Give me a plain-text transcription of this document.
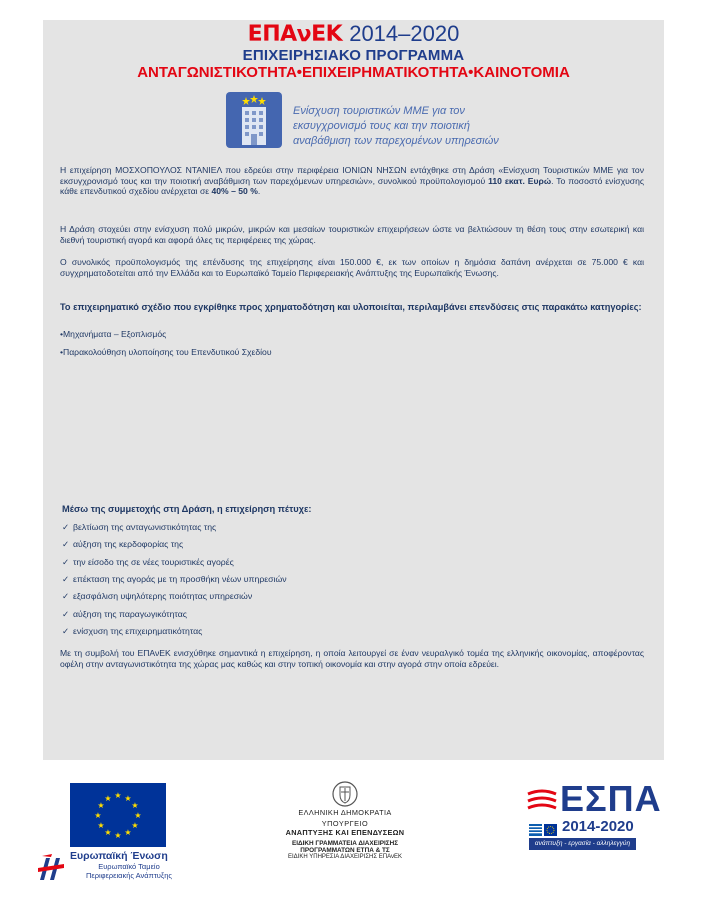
ΕΠΑνΕΚ 2014–2020
ΕΠΙΧΕΙΡΗΣΙΑΚΟ ΠΡΟΓΡΑΜΜΑ
ΑΝΤΑΓΩΝΙΣΤΙΚΟΤΗΤΑ•ΕΠΙΧΕΙΡΗΜΑΤΙΚΟΤΗΤΑ•ΚΑΙΝΟΤΟΜΙΑ
Ενίσχυση τουριστικών ΜΜΕ για τον εκσυγχρονισμό τους και την ποιοτική αναβάθμιση των παρεχομένων υπηρεσιών

Η επιχείρηση ΜΟΣΧΟΠΟΥΛΟΣ ΝΤΑΝΙΕΛ που εδρεύει στην περιφέρεια ΙΟΝΙΩΝ ΝΗΣΩΝ εντάχθηκε στη Δράση «Ενίσχυση Τουριστικών ΜΜΕ για τον εκσυγχρονισμό τους και την ποιοτική αναβάθμιση των παρεχόμενων υπηρεσιών», συνολικού προϋπολογισμού 110 εκατ. Ευρώ. Το ποσοστό ενίσχυσης κάθε επενδυτικού σχεδίου ανέρχεται σε 40% – 50 %.

Η Δράση στοχεύει στην ενίσχυση πολύ μικρών, μικρών και μεσαίων τουριστικών επιχειρήσεων ώστε να βελτιώσουν τη θέση τους στην εσωτερική και διεθνή τουριστική αγορά και αφορά όλες τις περιφέρειες της χώρας.

Ο συνολικός προϋπολογισμός της επένδυσης της επιχείρησης είναι 150.000 €, εκ των οποίων η δημόσια δαπάνη ανέρχεται σε 75.000 € και συγχρηματοδοτείται από την Ελλάδα και το Ευρωπαϊκό Ταμείο Περιφερειακής Ανάπτυξης της Ευρωπαϊκής Ένωσης.

Το επιχειρηματικό σχέδιο που εγκρίθηκε προς χρηματοδότηση και υλοποιείται, περιλαμβάνει επενδύσεις στις παρακάτω κατηγορίες:

•Μηχανήματα – Εξοπλισμός
•Παρακολούθηση υλοποίησης του Επενδυτικού Σχεδίου
Μέσω της συμμετοχής στη Δράση, η επιχείρηση πέτυχε:
✓ βελτίωση της ανταγωνιστικότητας της
✓ αύξηση της κερδοφορίας της
✓ την είσοδο της σε νέες τουριστικές αγορές
✓ επέκταση της αγοράς με τη προσθήκη νέων υπηρεσιών
✓ εξασφάλιση υψηλότερης ποιότητας υπηρεσιών
✓ αύξηση της παραγωγικότητας
✓ ενίσχυση της επιχειρηματικότητας

Με τη συμβολή του ΕΠΑνΕΚ ενισχύθηκε σημαντικά η επιχείρηση, η οποία λειτουργεί σε έναν νευραλγικό τομέα της ελληνικής οικονομίας, αποφέροντας οφέλη στην ανταγωνιστικότητα της χώρας μας καθώς και στην τοπική οικονομία και στην αγορά στην οποία εδρεύει.

★ ★
★
★
★
★
★
★
★
★
★
★
Ευρωπαϊκή Ένωση
Ευρωπαϊκό Ταμείο Περιφερειακής Ανάπτυξης
ΕΛΛΗΝΙΚΗ ΔΗΜΟΚΡΑΤΙΑ
ΥΠΟΥΡΓΕΙΟ
ΑΝΑΠΤΥΞΗΣ ΚΑΙ ΕΠΕΝΔΥΣΕΩΝ
ΕΙΔΙΚΗ ΓΡΑΜΜΑΤΕΙΑ ΔΙΑΧΕΙΡΙΣΗΣ
ΠΡΟΓΡΑΜΜΑΤΩΝ ΕΤΠΑ & ΤΣ
ΕΙΔΙΚΗ ΥΠΗΡΕΣΙΑ ΔΙΑΧΕΙΡΙΣΗΣ ΕΠΑνΕΚ
ΕΣΠΑ
2014-2020
ανάπτυξη - εργασία - αλληλεγγύη
